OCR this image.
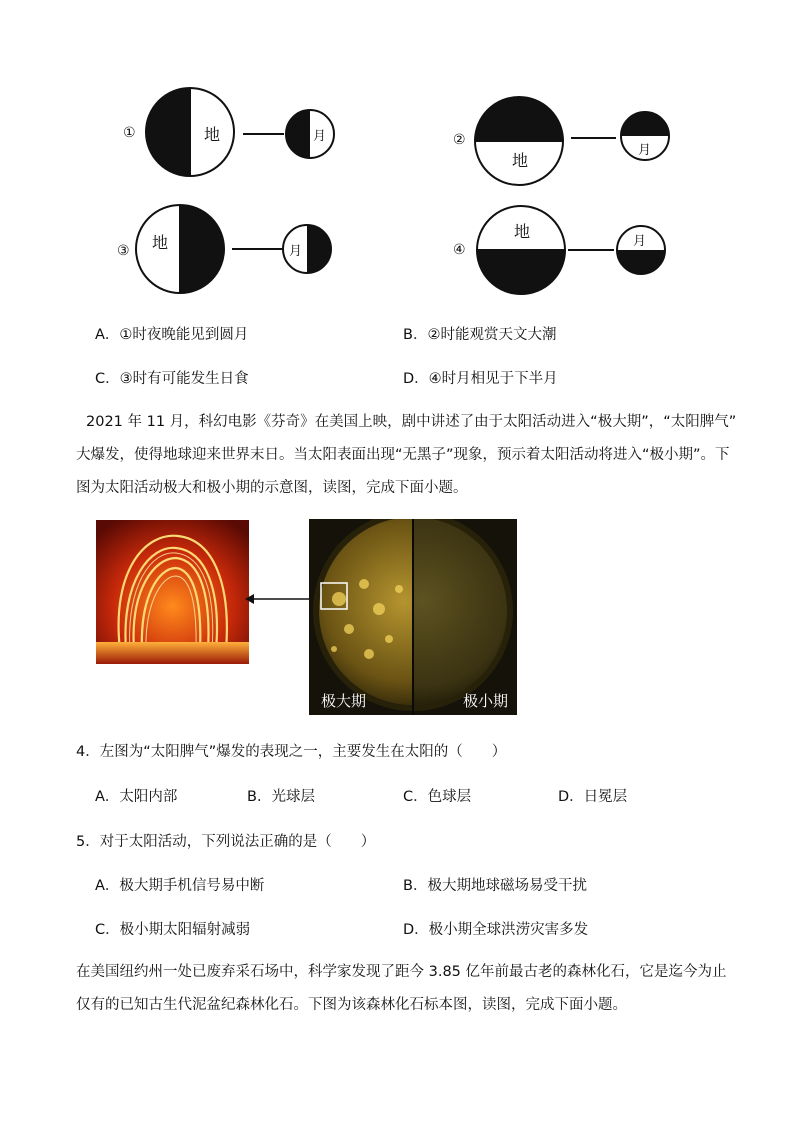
①	地	月	②
地
月
③ 地	月	④
地
月
A．①时夜晚能见到圆月	B．②时能观赏天文大潮
C．③时有可能发生日食	D．④时月相见于下半月
2021 年 11 月，科幻电影《芬奇》在美国上映，剧中讲述了由于太阳活动进入“极大期”，“太阳脾气”
大爆发，使得地球迎来世界末日。当太阳表面出现“无黑子”现象，预示着太阳活动将进入“极小期”。下
图为太阳活动极大和极小期的示意图，读图，完成下面小题。
极大期	极小期
4．左图为“太阳脾气”爆发的表现之一，主要发生在太阳的（　　）
A．太阳内部	B．光球层	C．色球层	D．日冕层
5．对于太阳活动，下列说法正确的是（　　）
A．极大期手机信号易中断	B．极大期地球磁场易受干扰
C．极小期太阳辐射减弱	D．极小期全球洪涝灾害多发
在美国纽约州一处已废弃采石场中，科学家发现了距今 3.85 亿年前最古老的森林化石，它是迄今为止
仅有的已知古生代泥盆纪森林化石。下图为该森林化石标本图，读图，完成下面小题。
